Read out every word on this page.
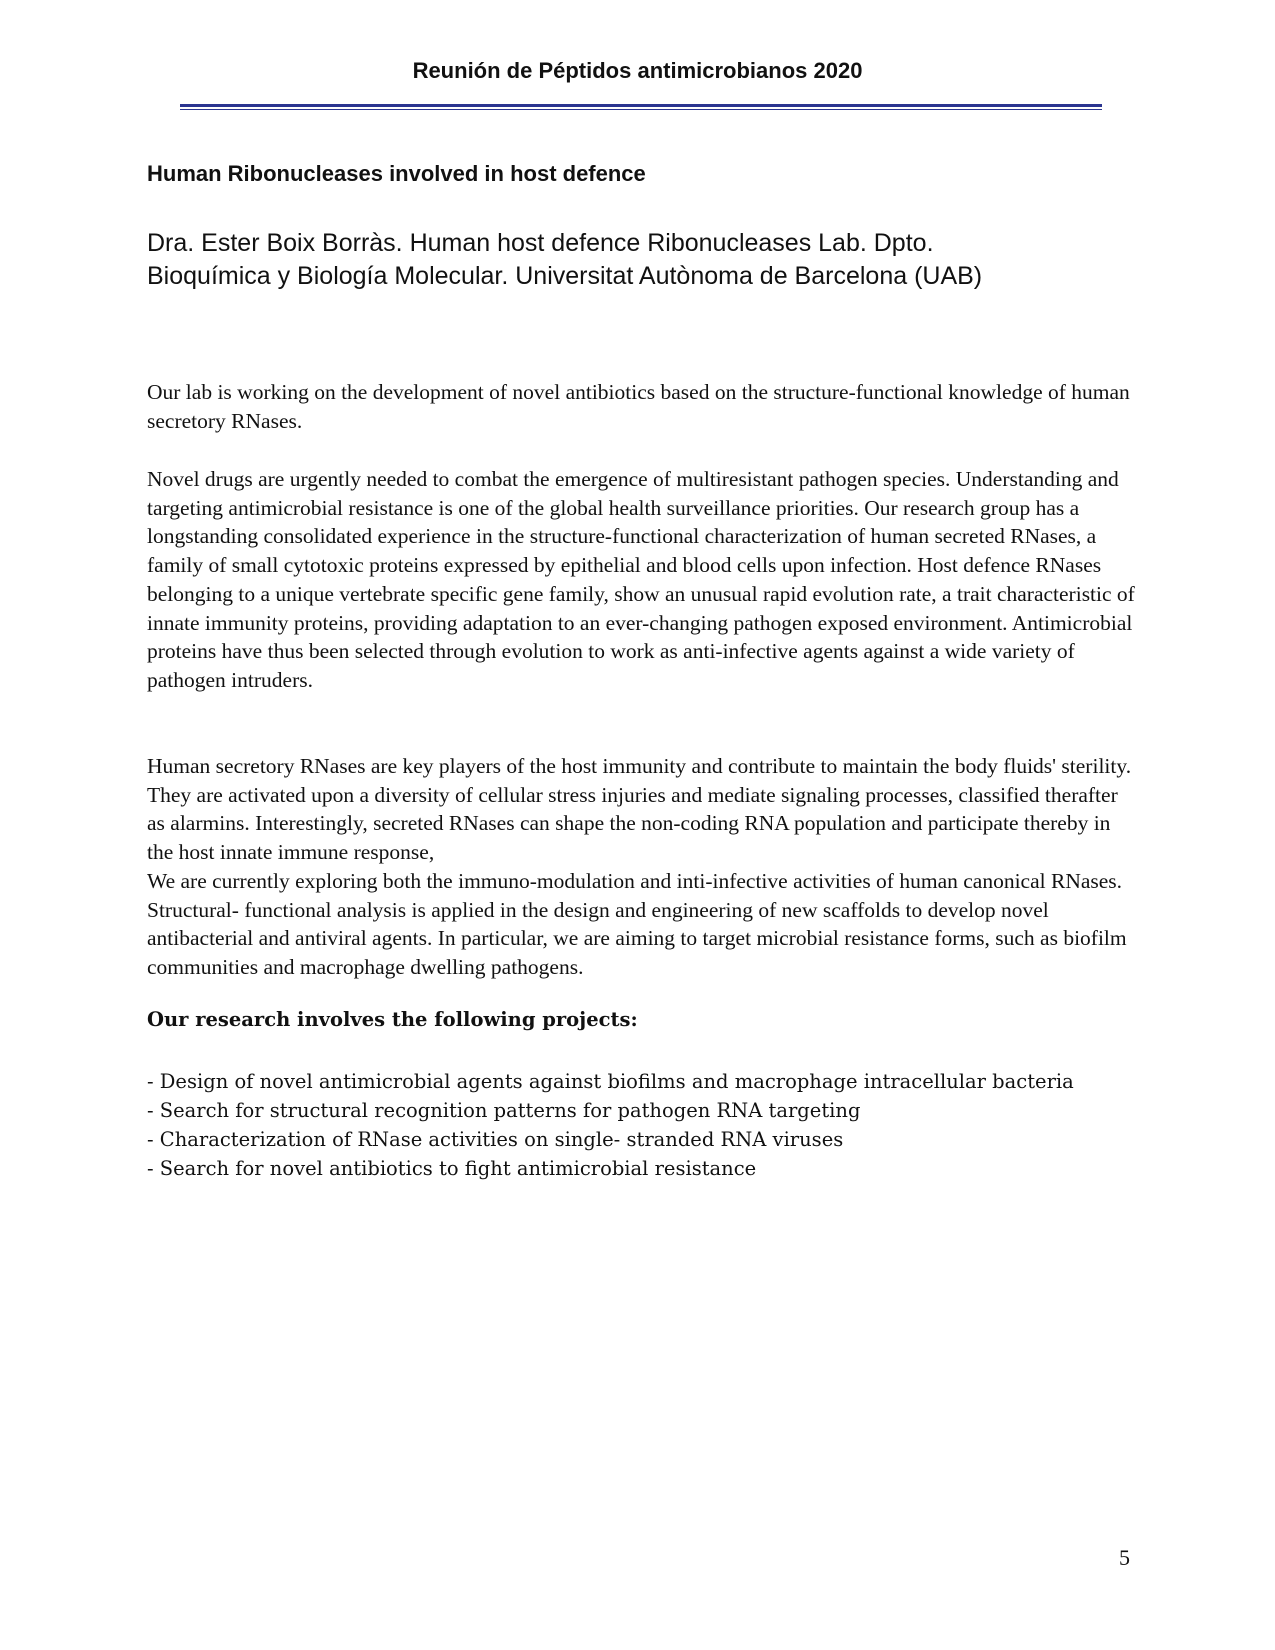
Reunión de Péptidos antimicrobianos 2020
Human Ribonucleases involved in host defence
Dra. Ester Boix Borràs. Human host defence Ribonucleases Lab. Dpto.
Bioquímica y Biología Molecular. Universitat Autònoma de Barcelona (UAB)

Our lab is working on the development of novel antibiotics based on the structure-functional knowledge of human secretory RNases.

Novel drugs are urgently needed to combat the emergence of multiresistant pathogen species. Understanding and targeting antimicrobial resistance is one of the global health surveillance priorities. Our research group has a longstanding consolidated experience in the structure-functional characterization of human secreted RNases, a family of small cytotoxic proteins expressed by epithelial and blood cells upon infection. Host defence RNases belonging to a unique vertebrate specific gene family, show an unusual rapid evolution rate, a trait characteristic of innate immunity proteins, providing adaptation to an ever-changing pathogen exposed environment. Antimicrobial proteins have thus been selected through evolution to work as anti-infective agents against a wide variety of pathogen intruders.

Human secretory RNases are key players of the host immunity and contribute to maintain the body fluids' sterility. They are activated upon a diversity of cellular stress injuries and mediate signaling processes, classified therafter as alarmins. Interestingly, secreted RNases can shape the non-coding RNA population and participate thereby in the host innate immune response,
We are currently exploring both the immuno-modulation and inti-infective activities of human canonical RNases. Structural- functional analysis is applied in the design and engineering of new scaffolds to develop novel antibacterial and antiviral agents. In particular, we are aiming to target microbial resistance forms, such as biofilm communities and macrophage dwelling pathogens.
Our research involves the following projects:
- Design of novel antimicrobial agents against biofilms and macrophage intracellular bacteria
- Search for structural recognition patterns for pathogen RNA targeting
- Characterization of RNase activities on single- stranded RNA viruses
- Search for novel antibiotics to fight antimicrobial resistance
5
